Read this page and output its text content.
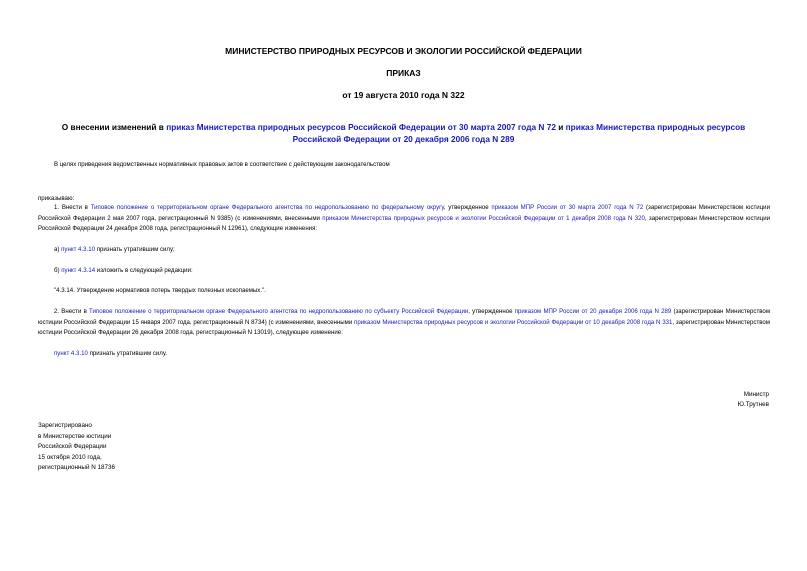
МИНИСТЕРСТВО ПРИРОДНЫХ РЕСУРСОВ И ЭКОЛОГИИ РОССИЙСКОЙ ФЕДЕРАЦИИ
ПРИКАЗ
от 19 августа 2010 года N 322
О внесении изменений в приказ Министерства природных ресурсов Российской Федерации от 30 марта 2007 года N 72 и приказ Министерства природных ресурсов Российской Федерации от 20 декабря 2006 года N 289
В целях приведения ведомственных нормативных правовых актов в соответствие с действующим законодательством
приказываю:
1. Внести в Типовое положение о территориальном органе Федерального агентства по недропользованию по федеральному округу, утвержденное приказом МПР России от 30 марта 2007 года N 72 (зарегистрирован Министерством юстиции Российской Федерации 2 мая 2007 года, регистрационный N 9385) (с изменениями, внесенными приказом Министерства природных ресурсов и экологии Российской Федерации от 1 декабря 2008 года N 320, зарегистрирован Министерством юстиции Российской Федерации 24 декабря 2008 года, регистрационный N 12961), следующие изменения:
а) пункт 4.3.10 признать утратившим силу;
б) пункт 4.3.14 изложить в следующей редакции:
"4.3.14. Утверждение нормативов потерь твердых полезных ископаемых.".
2. Внести в Типовое положение о территориальном органе Федерального агентства по недропользованию по субъекту Российской Федерации, утвержденное приказом МПР России от 20 декабря 2006 года N 289 (зарегистрирован Министерством юстиции Российской Федерации 15 января 2007 года, регистрационный N 8734) (с изменениями, внесенными приказом Министерства природных ресурсов и экологии Российской Федерации от 10 декабря 2008 года N 331, зарегистрирован Министерством юстиции Российской Федерации 26 декабря 2008 года, регистрационный N 13019), следующее изменение:
пункт 4.3.10 признать утратившим силу.
Министр
Ю.Трутнев
Зарегистрировано
в Министерстве юстиции
Российской Федерации
15 октября 2010 года,
регистрационный N 18736
